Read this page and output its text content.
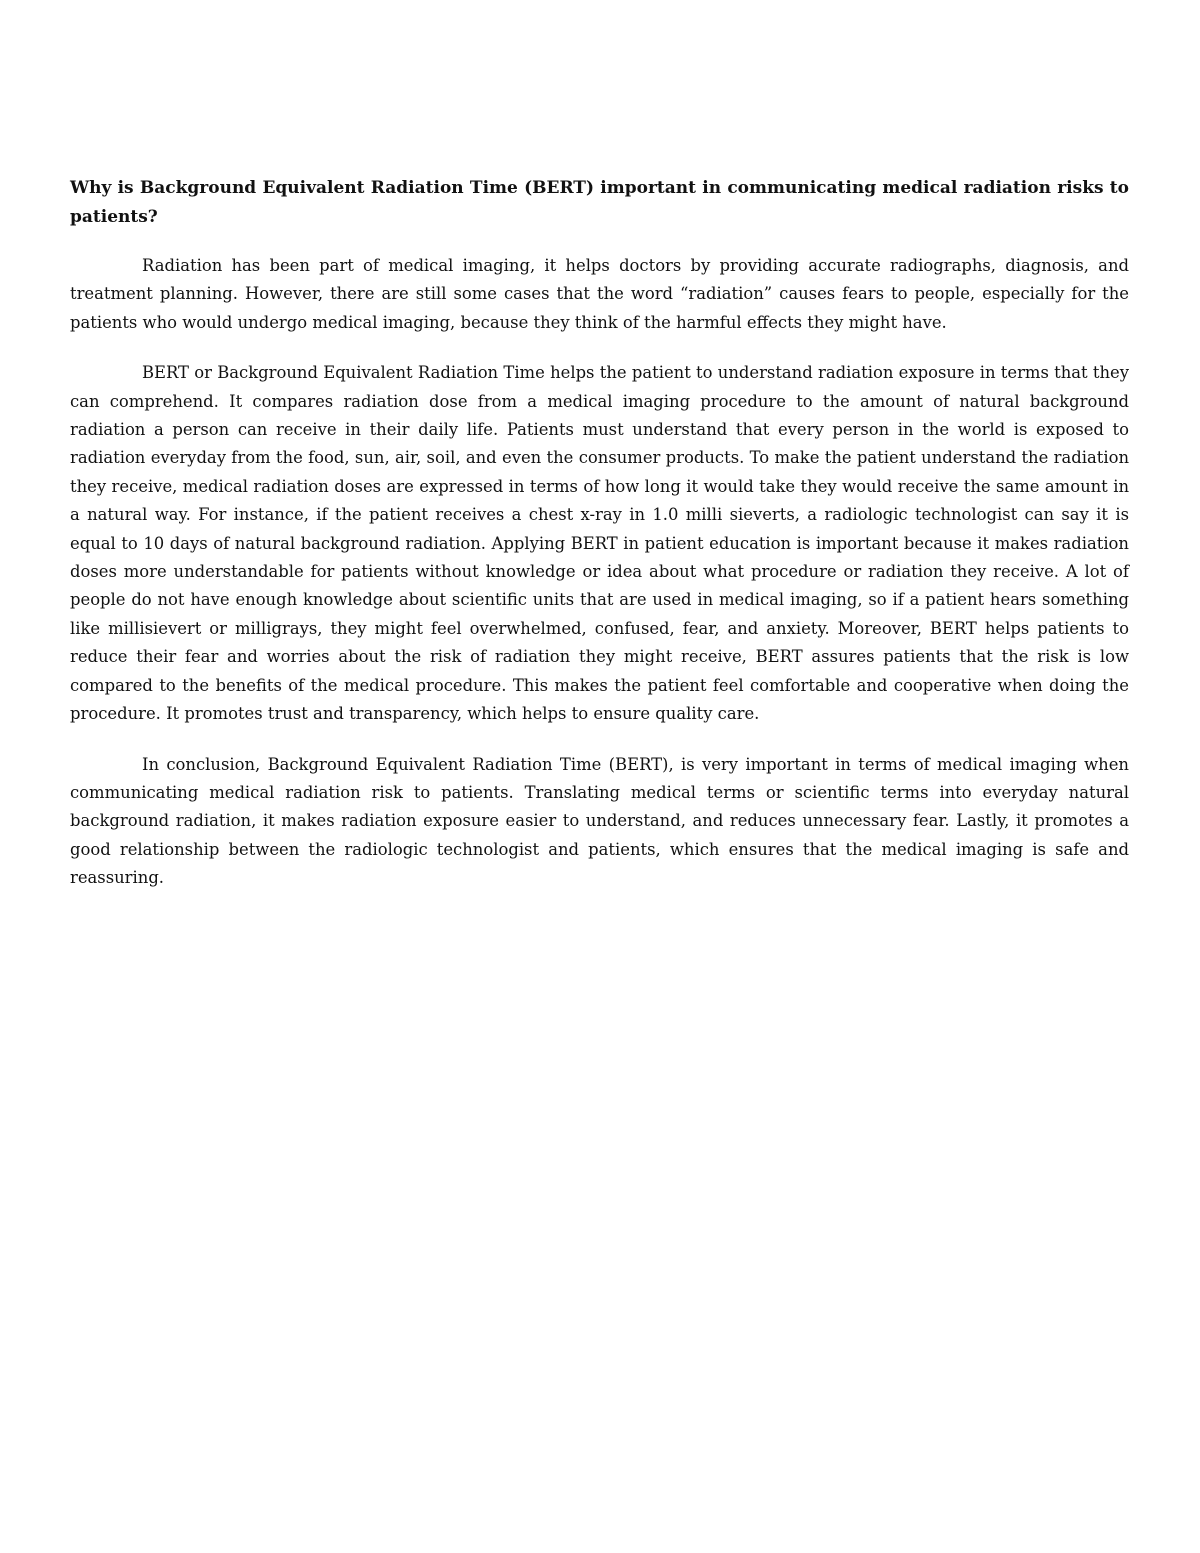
Why is Background Equivalent Radiation Time (BERT) important in communicating medical radiation risks to patients?

Radiation has been part of medical imaging, it helps doctors by providing accurate radiographs, diagnosis, and treatment planning. However, there are still some cases that the word “radiation” causes fears to people, especially for the patients who would undergo medical imaging, because they think of the harmful effects they might have.

BERT or Background Equivalent Radiation Time helps the patient to understand radiation exposure in terms that they can comprehend. It compares radiation dose from a medical imaging procedure to the amount of natural background radiation a person can receive in their daily life. Patients must understand that every person in the world is exposed to radiation everyday from the food, sun, air, soil, and even the consumer products. To make the patient understand the radiation they receive, medical radiation doses are expressed in terms of how long it would take they would receive the same amount in a natural way. For instance, if the patient receives a chest x-ray in 1.0 milli sieverts, a radiologic technologist can say it is equal to 10 days of natural background radiation. Applying BERT in patient education is important because it makes radiation doses more understandable for patients without knowledge or idea about what procedure or radiation they receive. A lot of people do not have enough knowledge about scientific units that are used in medical imaging, so if a patient hears something like millisievert or milligrays, they might feel overwhelmed, confused, fear, and anxiety. Moreover, BERT helps patients to reduce their fear and worries about the risk of radiation they might receive, BERT assures patients that the risk is low compared to the benefits of the medical procedure. This makes the patient feel comfortable and cooperative when doing the procedure. It promotes trust and transparency, which helps to ensure quality care.

In conclusion, Background Equivalent Radiation Time (BERT), is very important in terms of medical imaging when communicating medical radiation risk to patients. Translating medical terms or scientific terms into everyday natural background radiation, it makes radiation exposure easier to understand, and reduces unnecessary fear. Lastly, it promotes a good relationship between the radiologic technologist and patients, which ensures that the medical imaging is safe and reassuring.
